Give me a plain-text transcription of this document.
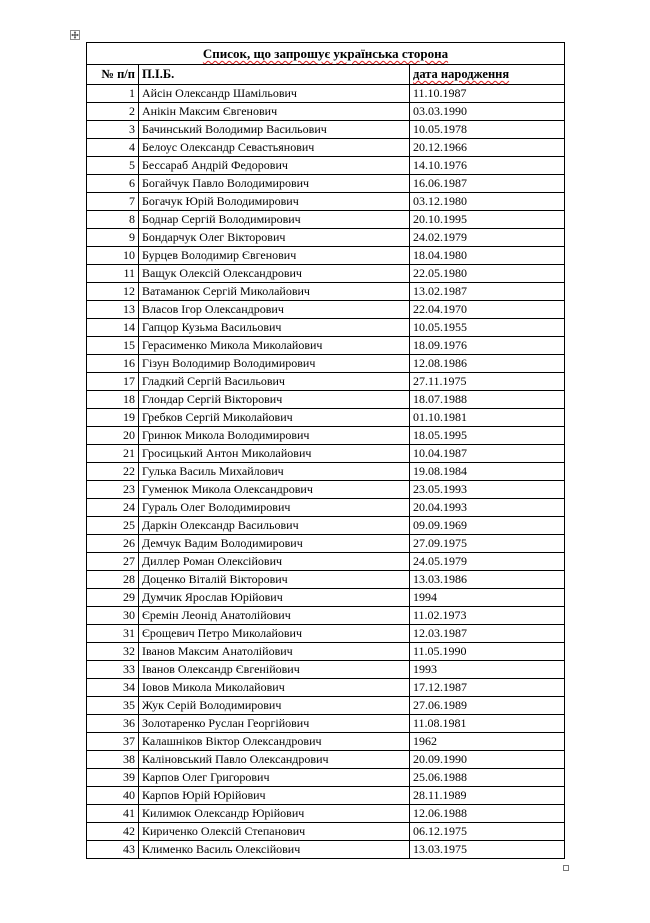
Список, що запрошує українська сторона		
№ п/п	П.І.Б.	дата народження
1	Айсін Олександр Шамільович	11.10.1987
2	Анікін Максим Євгенович	03.03.1990
3	Бачинський Володимир Васильович	10.05.1978
4	Белоус Олександр Севастьянович	20.12.1966
5	Бессараб Андрій Федорович	14.10.1976
6	Богайчук Павло Володимирович	16.06.1987
7	Богачук Юрій Володимирович	03.12.1980
8	Боднар Сергій Володимирович	20.10.1995
9	Бондарчук Олег Вікторович	24.02.1979
10	Бурцев Володимир Євгенович	18.04.1980
11	Ващук Олексій Олександрович	22.05.1980
12	Ватаманюк Сергій Миколайович	13.02.1987
13	Власов Ігор Олександрович	22.04.1970
14	Гапцор Кузьма Васильович	10.05.1955
15	Герасименко Микола Миколайович	18.09.1976
16	Гізун Володимир Володимирович	12.08.1986
17	Гладкий Сергій Васильович	27.11.1975
18	Глондар Сергій Вікторович	18.07.1988
19	Гребков Сергій Миколайович	01.10.1981
20	Гринюк Микола Володимирович	18.05.1995
21	Гросицький Антон Миколайович	10.04.1987
22	Гулька Василь Михайлович	19.08.1984
23	Гуменюк Микола Олександрович	23.05.1993
24	Гураль Олег Володимирович	20.04.1993
25	Даркін Олександр Васильович	09.09.1969
26	Демчук Вадим Володимирович	27.09.1975
27	Диллер Роман Олексійович	24.05.1979
28	Доценко Віталій Вікторович	13.03.1986
29	Думчик Ярослав Юрійович	1994
30	Єремін Леонід Анатолійович	11.02.1973
31	Єрощевич Петро Миколайович	12.03.1987
32	Іванов Максим Анатолійович	11.05.1990
33	Іванов Олександр Євгенійович	1993
34	Іовов Микола Миколайович	17.12.1987
35	Жук Серій Володимирович	27.06.1989
36	Золотаренко Руслан Георгійович	11.08.1981
37	Калашніков Віктор Олександрович	1962
38	Каліновський Павло Олександрович	20.09.1990
39	Карпов Олег Григорович	25.06.1988
40	Карпов Юрій Юрійович	28.11.1989
41	Килимюк Олександр Юрійович	12.06.1988
42	Кириченко Олексій Степанович	06.12.1975
43	Клименко Василь Олексійович	13.03.1975
